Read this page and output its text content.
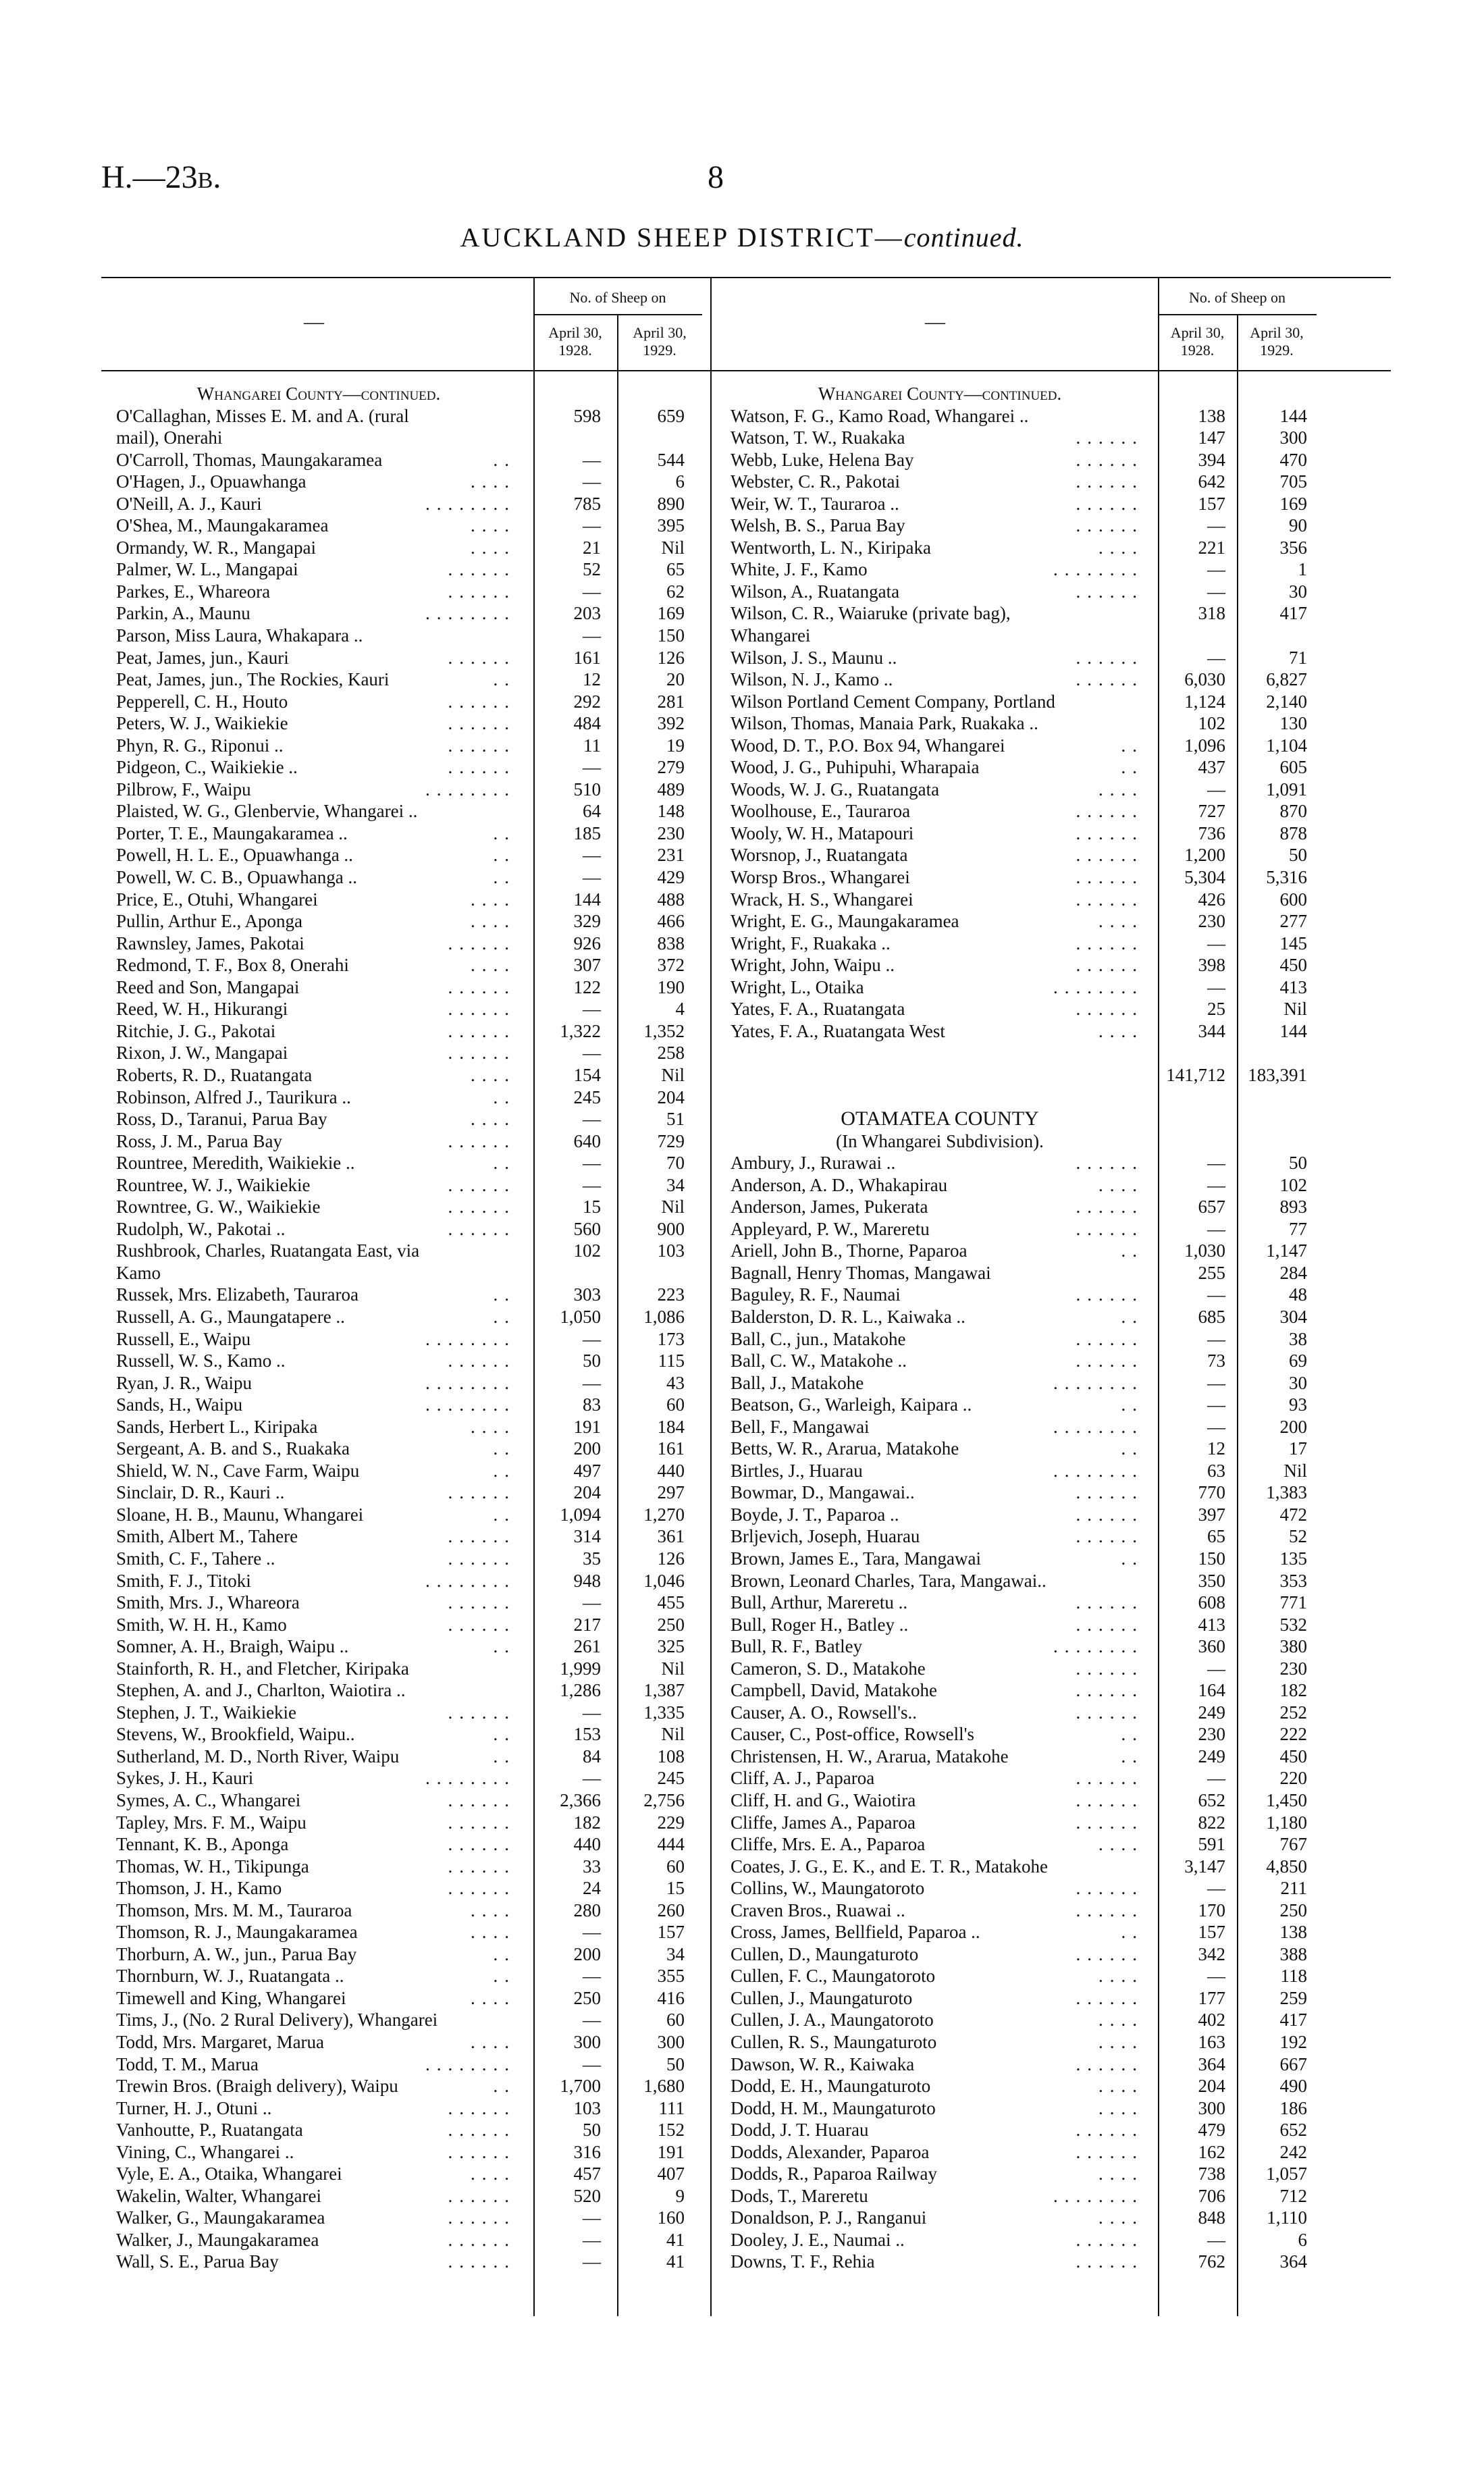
H.—23B.	8
AUCKLAND SHEEP DISTRICT—continued.
—
No. of Sheep on
April 30,
1928.
April 30,
1929.
—
No. of Sheep on
April 30,
1928.
April 30,
1929.
Whangarei County—continued.
O'Callaghan, Misses E. M. and A. (rural	598	659
mail), Onerahi
O'Carroll, Thomas, Maungakaramea	..	—	544
O'Hagen, J., Opuawhanga	....	—	6
O'Neill, A. J., Kauri	........	785	890
O'Shea, M., Maungakaramea	....	—	395
Ormandy, W. R., Mangapai	....	21	Nil
Palmer, W. L., Mangapai	......	52	65
Parkes, E., Whareora	......	—	62
Parkin, A., Maunu	........	203	169
Parson, Miss Laura, Whakapara ..	—	150
Peat, James, jun., Kauri	......	161	126
Peat, James, jun., The Rockies, Kauri	..	12	20
Pepperell, C. H., Houto	......	292	281
Peters, W. J., Waikiekie	......	484	392
Phyn, R. G., Riponui ..	......	11	19
Pidgeon, C., Waikiekie ..	......	—	279
Pilbrow, F., Waipu	........	510	489
Plaisted, W. G., Glenbervie, Whangarei ..	64	148
Porter, T. E., Maungakaramea ..	..	185	230
Powell, H. L. E., Opuawhanga ..	..	—	231
Powell, W. C. B., Opuawhanga ..	..	—	429
Price, E., Otuhi, Whangarei	....	144	488
Pullin, Arthur E., Aponga	....	329	466
Rawnsley, James, Pakotai	......	926	838
Redmond, T. F., Box 8, Onerahi	....	307	372
Reed and Son, Mangapai	......	122	190
Reed, W. H., Hikurangi	......	—	4
Ritchie, J. G., Pakotai	......	1,322	1,352
Rixon, J. W., Mangapai	......	—	258
Roberts, R. D., Ruatangata	....	154	Nil
Robinson, Alfred J., Taurikura ..	..	245	204
Ross, D., Taranui, Parua Bay	....	—	51
Ross, J. M., Parua Bay	......	640	729
Rountree, Meredith, Waikiekie ..	..	—	70
Rountree, W. J., Waikiekie	......	—	34
Rowntree, G. W., Waikiekie	......	15	Nil
Rudolph, W., Pakotai ..	......	560	900
Rushbrook, Charles, Ruatangata East, via	102	103
Kamo
Russek, Mrs. Elizabeth, Tauraroa	..	303	223
Russell, A. G., Maungatapere ..	..	1,050	1,086
Russell, E., Waipu	........	—	173
Russell, W. S., Kamo ..	......	50	115
Ryan, J. R., Waipu	........	—	43
Sands, H., Waipu	........	83	60
Sands, Herbert L., Kiripaka	....	191	184
Sergeant, A. B. and S., Ruakaka	..	200	161
Shield, W. N., Cave Farm, Waipu	..	497	440
Sinclair, D. R., Kauri ..	......	204	297
Sloane, H. B., Maunu, Whangarei	..	1,094	1,270
Smith, Albert M., Tahere	......	314	361
Smith, C. F., Tahere ..	......	35	126
Smith, F. J., Titoki	........	948	1,046
Smith, Mrs. J., Whareora	......	—	455
Smith, W. H. H., Kamo	......	217	250
Somner, A. H., Braigh, Waipu ..	..	261	325
Stainforth, R. H., and Fletcher, Kiripaka	1,999	Nil
Stephen, A. and J., Charlton, Waiotira ..	1,286	1,387
Stephen, J. T., Waikiekie	......	—	1,335
Stevens, W., Brookfield, Waipu..	..	153	Nil
Sutherland, M. D., North River, Waipu	..	84	108
Sykes, J. H., Kauri	........	—	245
Symes, A. C., Whangarei	......	2,366	2,756
Tapley, Mrs. F. M., Waipu	......	182	229
Tennant, K. B., Aponga	......	440	444
Thomas, W. H., Tikipunga	......	33	60
Thomson, J. H., Kamo	......	24	15
Thomson, Mrs. M. M., Tauraroa	....	280	260
Thomson, R. J., Maungakaramea	....	—	157
Thorburn, A. W., jun., Parua Bay	..	200	34
Thornburn, W. J., Ruatangata ..	..	—	355
Timewell and King, Whangarei	....	250	416
Tims, J., (No. 2 Rural Delivery), Whangarei	—	60
Todd, Mrs. Margaret, Marua	....	300	300
Todd, T. M., Marua	........	—	50
Trewin Bros. (Braigh delivery), Waipu	..	1,700	1,680
Turner, H. J., Otuni ..	......	103	111
Vanhoutte, P., Ruatangata	......	50	152
Vining, C., Whangarei ..	......	316	191
Vyle, E. A., Otaika, Whangarei	....	457	407
Wakelin, Walter, Whangarei	......	520	9
Walker, G., Maungakaramea	......	—	160
Walker, J., Maungakaramea	......	—	41
Wall, S. E., Parua Bay	......	—	41
Whangarei County—continued.
Watson, F. G., Kamo Road, Whangarei ..	138	144
Watson, T. W., Ruakaka	......	147	300
Webb, Luke, Helena Bay	......	394	470
Webster, C. R., Pakotai	......	642	705
Weir, W. T., Tauraroa ..	......	157	169
Welsh, B. S., Parua Bay	......	—	90
Wentworth, L. N., Kiripaka	....	221	356
White, J. F., Kamo	........	—	1
Wilson, A., Ruatangata	......	—	30
Wilson, C. R., Waiaruke (private bag),	318	417
Whangarei
Wilson, J. S., Maunu ..	......	—	71
Wilson, N. J., Kamo ..	......	6,030	6,827
Wilson Portland Cement Company, Portland	1,124	2,140
Wilson, Thomas, Manaia Park, Ruakaka ..	102	130
Wood, D. T., P.O. Box 94, Whangarei	..	1,096	1,104
Wood, J. G., Puhipuhi, Wharapaia	..	437	605
Woods, W. J. G., Ruatangata	....	—	1,091
Woolhouse, E., Tauraroa	......	727	870
Wooly, W. H., Matapouri	......	736	878
Worsnop, J., Ruatangata	......	1,200	50
Worsp Bros., Whangarei	......	5,304	5,316
Wrack, H. S., Whangarei	......	426	600
Wright, E. G., Maungakaramea	....	230	277
Wright, F., Ruakaka ..	......	—	145
Wright, John, Waipu ..	......	398	450
Wright, L., Otaika	........	—	413
Yates, F. A., Ruatangata	......	25	Nil
Yates, F. A., Ruatangata West	....	344	144
141,712	183,391
OTAMATEA COUNTY
(In Whangarei Subdivision).
Ambury, J., Rurawai ..	......	—	50
Anderson, A. D., Whakapirau	....	—	102
Anderson, James, Pukerata	......	657	893
Appleyard, P. W., Mareretu	......	—	77
Ariell, John B., Thorne, Paparoa	..	1,030	1,147
Bagnall, Henry Thomas, Mangawai	255	284
Baguley, R. F., Naumai	......	—	48
Balderston, D. R. L., Kaiwaka ..	..	685	304
Ball, C., jun., Matakohe	......	—	38
Ball, C. W., Matakohe ..	......	73	69
Ball, J., Matakohe	........	—	30
Beatson, G., Warleigh, Kaipara ..	..	—	93
Bell, F., Mangawai	........	—	200
Betts, W. R., Ararua, Matakohe	..	12	17
Birtles, J., Huarau	........	63	Nil
Bowmar, D., Mangawai..	......	770	1,383
Boyde, J. T., Paparoa ..	......	397	472
Brljevich, Joseph, Huarau	......	65	52
Brown, James E., Tara, Mangawai	..	150	135
Brown, Leonard Charles, Tara, Mangawai..	350	353
Bull, Arthur, Mareretu ..	......	608	771
Bull, Roger H., Batley ..	......	413	532
Bull, R. F., Batley	........	360	380
Cameron, S. D., Matakohe	......	—	230
Campbell, David, Matakohe	......	164	182
Causer, A. O., Rowsell's..	......	249	252
Causer, C., Post-office, Rowsell's	..	230	222
Christensen, H. W., Ararua, Matakohe	..	249	450
Cliff, A. J., Paparoa	......	—	220
Cliff, H. and G., Waiotira	......	652	1,450
Cliffe, James A., Paparoa	......	822	1,180
Cliffe, Mrs. E. A., Paparoa	....	591	767
Coates, J. G., E. K., and E. T. R., Matakohe	3,147	4,850
Collins, W., Maungatoroto	......	—	211
Craven Bros., Ruawai ..	......	170	250
Cross, James, Bellfield, Paparoa ..	..	157	138
Cullen, D., Maungaturoto	......	342	388
Cullen, F. C., Maungatoroto	....	—	118
Cullen, J., Maungaturoto	......	177	259
Cullen, J. A., Maungatoroto	....	402	417
Cullen, R. S., Maungaturoto	....	163	192
Dawson, W. R., Kaiwaka	......	364	667
Dodd, E. H., Maungaturoto	....	204	490
Dodd, H. M., Maungaturoto	....	300	186
Dodd, J. T. Huarau	......	479	652
Dodds, Alexander, Paparoa	......	162	242
Dodds, R., Paparoa Railway	....	738	1,057
Dods, T., Mareretu	........	706	712
Donaldson, P. J., Ranganui	....	848	1,110
Dooley, J. E., Naumai ..	......	—	6
Downs, T. F., Rehia	......	762	364
